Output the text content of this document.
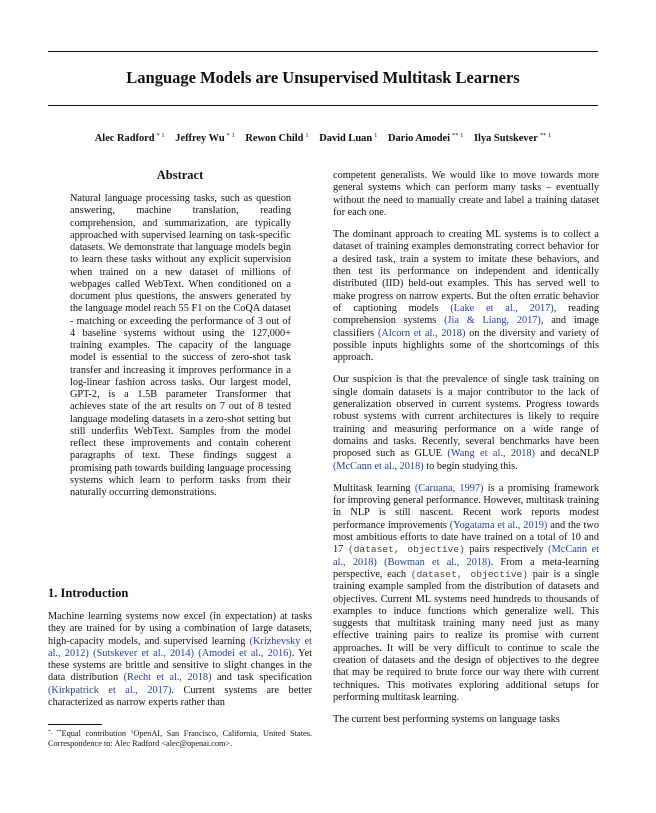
Language Models are Unsupervised Multitask Learners
Alec Radford $^{* 1}$ Jeffrey Wu $^{* 1}$ Rewon Child $^1$ David Luan $^1$ Dario Amodei $^{** 1}$ Ilya Sutskever $^{** 1}$
Abstract
Natural language processing tasks, such as question answering, machine translation, reading comprehension, and summarization, are typically approached with supervised learning on task-specific datasets. We demonstrate that language models begin to learn these tasks without any explicit supervision when trained on a new dataset of millions of webpages called WebText. When conditioned on a document plus questions, the answers generated by the language model reach 55 F1 on the CoQA dataset - matching or exceeding the performance of 3 out of 4 baseline systems without using the 127,000+ training examples. The capacity of the language model is essential to the success of zero-shot task transfer and increasing it improves performance in a log-linear fashion across tasks. Our largest model, GPT-2, is a 1.5B parameter Transformer that achieves state of the art results on 7 out of 8 tested language modeling datasets in a zero-shot setting but still underfits WebText. Samples from the model reflect these improvements and contain coherent paragraphs of text. These findings suggest a promising path towards building language processing systems which learn to perform tasks from their naturally occurring demonstrations.
1. Introduction
Machine learning systems now excel (in expectation) at tasks they are trained for by using a combination of large datasets, high-capacity models, and supervised learning (Krizhevsky et al., 2012) (Sutskever et al., 2014) (Amodei et al., 2016). Yet these systems are brittle and sensitive to slight changes in the data distribution (Recht et al., 2018) and task specification (Kirkpatrick et al., 2017). Current systems are better characterized as narrow experts rather than
*, **Equal contribution $^1$OpenAI, San Francisco, California, United States. Correspondence to: Alec Radford <alec@openai.com>.

competent generalists. We would like to move towards more general systems which can perform many tasks – eventually without the need to manually create and label a training dataset for each one.

The dominant approach to creating ML systems is to collect a dataset of training examples demonstrating correct behavior for a desired task, train a system to imitate these behaviors, and then test its performance on independent and identically distributed (IID) held-out examples. This has served well to make progress on narrow experts. But the often erratic behavior of captioning models (Lake et al., 2017), reading comprehension systems (Jia & Liang, 2017), and image classifiers (Alcorn et al., 2018) on the diversity and variety of possible inputs highlights some of the shortcomings of this approach.

Our suspicion is that the prevalence of single task training on single domain datasets is a major contributor to the lack of generalization observed in current systems. Progress towards robust systems with current architectures is likely to require training and measuring performance on a wide range of domains and tasks. Recently, several benchmarks have been proposed such as GLUE (Wang et al., 2018) and decaNLP (McCann et al., 2018) to begin studying this.

Multitask learning (Caruana, 1997) is a promising framework for improving general performance. However, multitask training in NLP is still nascent. Recent work reports modest performance improvements (Yogatama et al., 2019) and the two most ambitious efforts to date have trained on a total of 10 and 17 (dataset, objective) pairs respectively (McCann et al., 2018) (Bowman et al., 2018). From a meta-learning perspective, each (dataset, objective) pair is a single training example sampled from the distribution of datasets and objectives. Current ML systems need hundreds to thousands of examples to induce functions which generalize well. This suggests that multitask training many need just as many effective training pairs to realize its promise with current approaches. It will be very difficult to continue to scale the creation of datasets and the design of objectives to the degree that may be required to brute force our way there with current techniques. This motivates exploring additional setups for performing multitask learning.

The current best performing systems on language tasks
